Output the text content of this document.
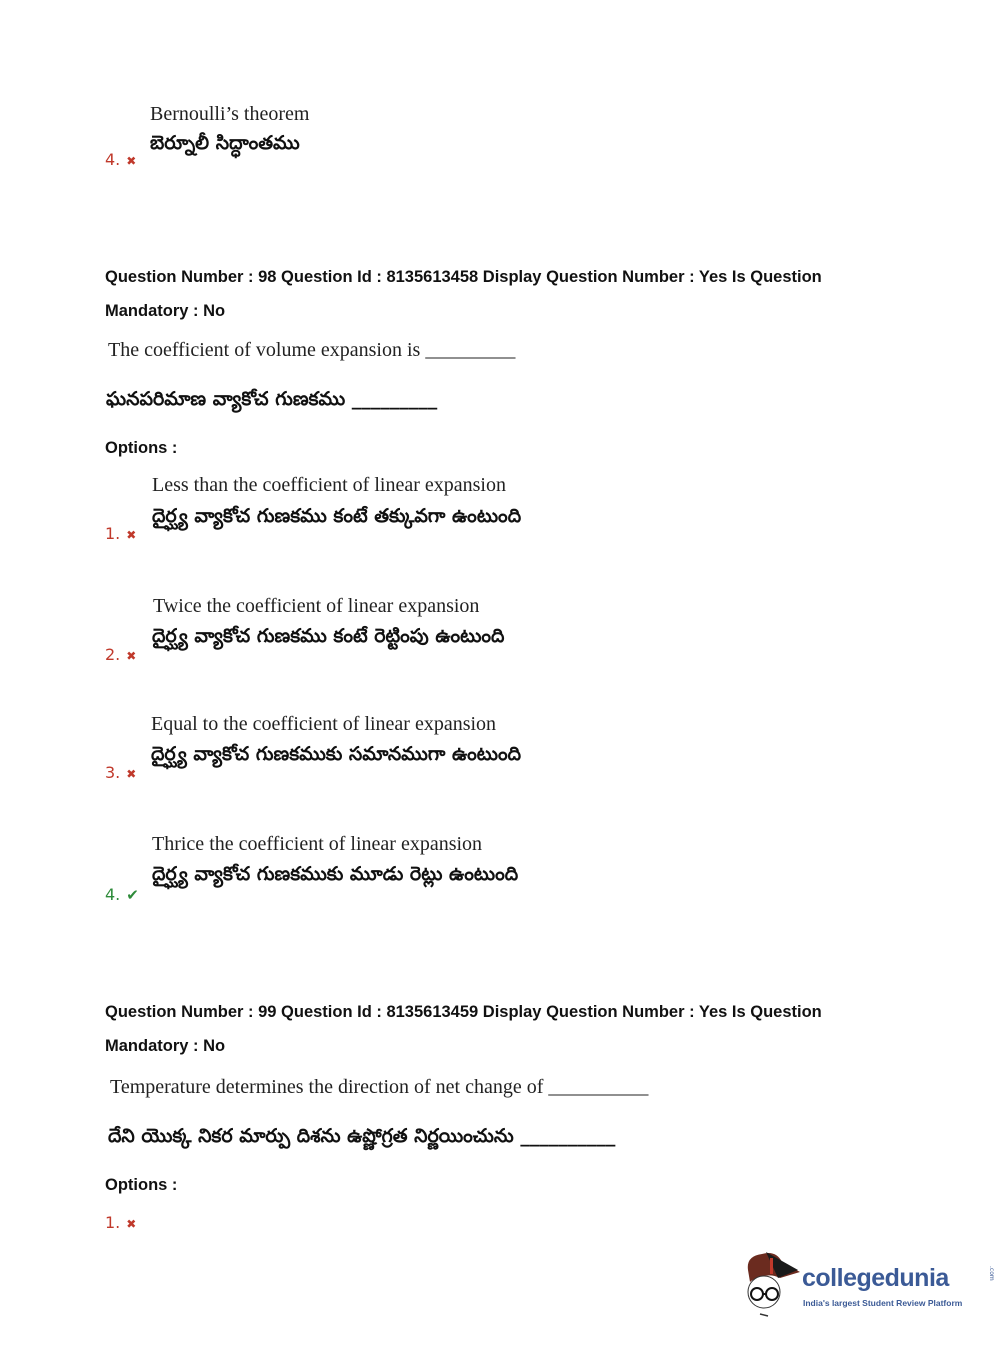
Bernoulli’s theorem
బెర్నూలీ సిద్ధాంతము
4. ✖
Question Number : 98 Question Id : 8135613458 Display Question Number : Yes Is Question
Mandatory : No
The coefficient of volume expansion is _________
ఘనపరిమాణ వ్యాకోచ గుణకము _________
Options :
Less than the coefficient of linear expansion
దైర్ఘ్య వ్యాకోచ గుణకము కంటే తక్కువగా ఉంటుంది
1. ✖
Twice the coefficient of linear expansion
దైర్ఘ్య వ్యాకోచ గుణకము కంటే రెట్టింపు ఉంటుంది
2. ✖
Equal to the coefficient of linear expansion
దైర్ఘ్య వ్యాకోచ గుణకముకు సమానముగా ఉంటుంది
3. ✖
Thrice the coefficient of linear expansion
దైర్ఘ్య వ్యాకోచ గుణకముకు మూడు రెట్లు ఉంటుంది
4. ✔
Question Number : 99 Question Id : 8135613459 Display Question Number : Yes Is Question
Mandatory : No
Temperature determines the direction of net change of __________
దేని యొక్క నికర మార్పు దిశను ఉష్ణోగ్రత నిర్ణయించును __________
Options :
1. ✖
collegedunia	.com
India's largest Student Review Platform
